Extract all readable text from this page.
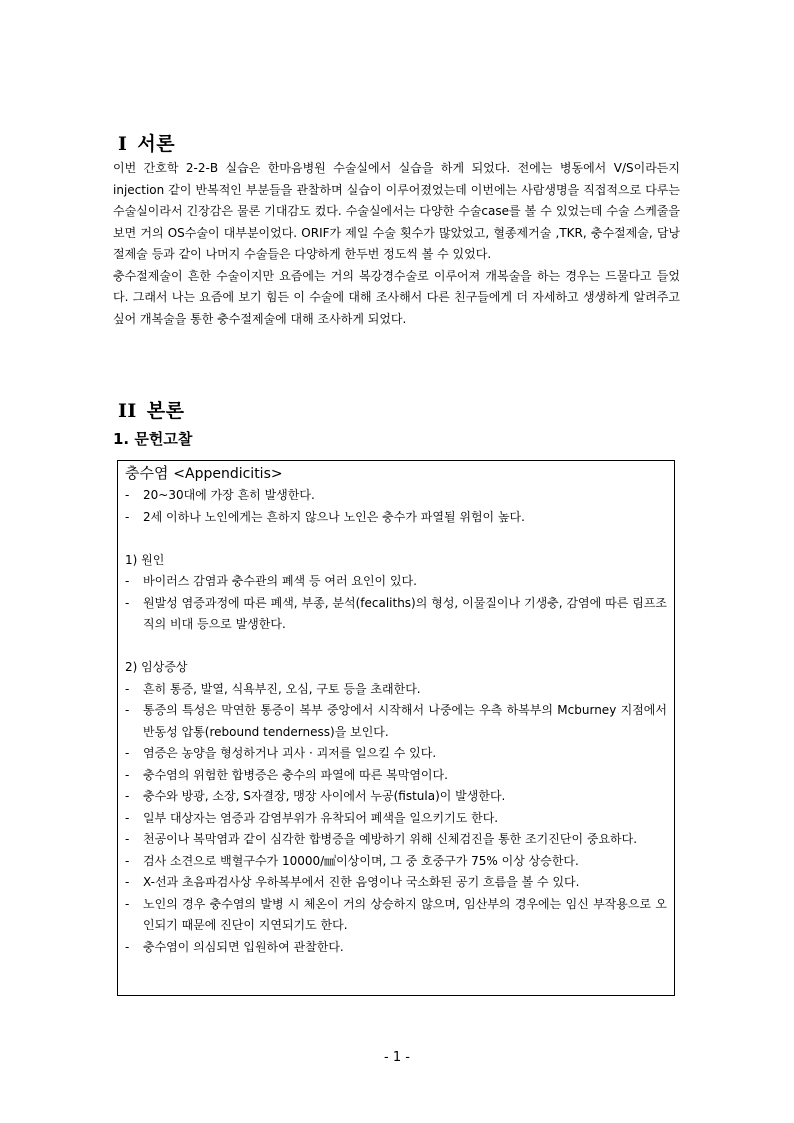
I 서론

이번 간호학 2-2-B 실습은 한마음병원 수술실에서 실습을 하게 되었다. 전에는 병동에서 V/S이라든지 injection 같이 반복적인 부분들을 관찰하며 실습이 이루어졌었는데 이번에는 사람생명을 직접적으로 다루는 수술실이라서 긴장감은 물론 기대감도 컸다. 수술실에서는 다양한 수술case를 볼 수 있었는데 수술 스케줄을 보면 거의 OS수술이 대부분이었다. ORIF가 제일 수술 횟수가 많았었고, 혈종제거술 ,TKR, 충수절제술, 담낭절제술 등과 같이 나머지 수술들은 다양하게 한두번 정도씩 볼 수 있었다.

충수절제술이 흔한 수술이지만 요즘에는 거의 복강경수술로 이루어져 개복술을 하는 경우는 드물다고 들었다. 그래서 나는 요즘에 보기 힘든 이 수술에 대해 조사해서 다른 친구들에게 더 자세하고 생생하게 알려주고 싶어 개복술을 통한 충수절제술에 대해 조사하게 되었다.

II 본론
1. 문헌고찰
충수염 <Appendicitis>
- 20~30대에 가장 흔히 발생한다.
- 2세 이하나 노인에게는 흔하지 않으나 노인은 충수가 파열될 위험이 높다.
1) 원인
- 바이러스 감염과 충수관의 폐색 등 여러 요인이 있다.
- 원발성 염증과정에 따른 폐색, 부종, 분석(fecaliths)의 형성, 이물질이나 기생충, 감염에 따른 림프조직의 비대 등으로 발생한다.
2) 임상증상
- 흔히 통증, 발열, 식욕부진, 오심, 구토 등을 초래한다.
- 통증의 특성은 막연한 통증이 복부 중앙에서 시작해서 나중에는 우측 하복부의 Mcburney 지점에서 반동성 압통(rebound tenderness)을 보인다.
- 염증은 농양을 형성하거나 괴사 · 괴저를 일으킬 수 있다.
- 충수염의 위험한 합병증은 충수의 파열에 따른 복막염이다.
- 충수와 방광, 소장, S자결장, 맹장 사이에서 누공(fistula)이 발생한다.
- 일부 대상자는 염증과 감염부위가 유착되어 폐색을 일으키기도 한다.
- 천공이나 복막염과 같이 심각한 합병증을 예방하기 위해 신체검진을 통한 조기진단이 중요하다.
- 검사 소견으로 백혈구수가 10000/㎣이상이며, 그 중 호중구가 75% 이상 상승한다.
- X-선과 초음파검사상 우하복부에서 진한 음영이나 국소화된 공기 흐름을 볼 수 있다.
- 노인의 경우 충수염의 발병 시 체온이 거의 상승하지 않으며, 임산부의 경우에는 임신 부작용으로 오인되기 때문에 진단이 지연되기도 한다.
- 충수염이 의심되면 입원하여 관찰한다.
- 1 -
